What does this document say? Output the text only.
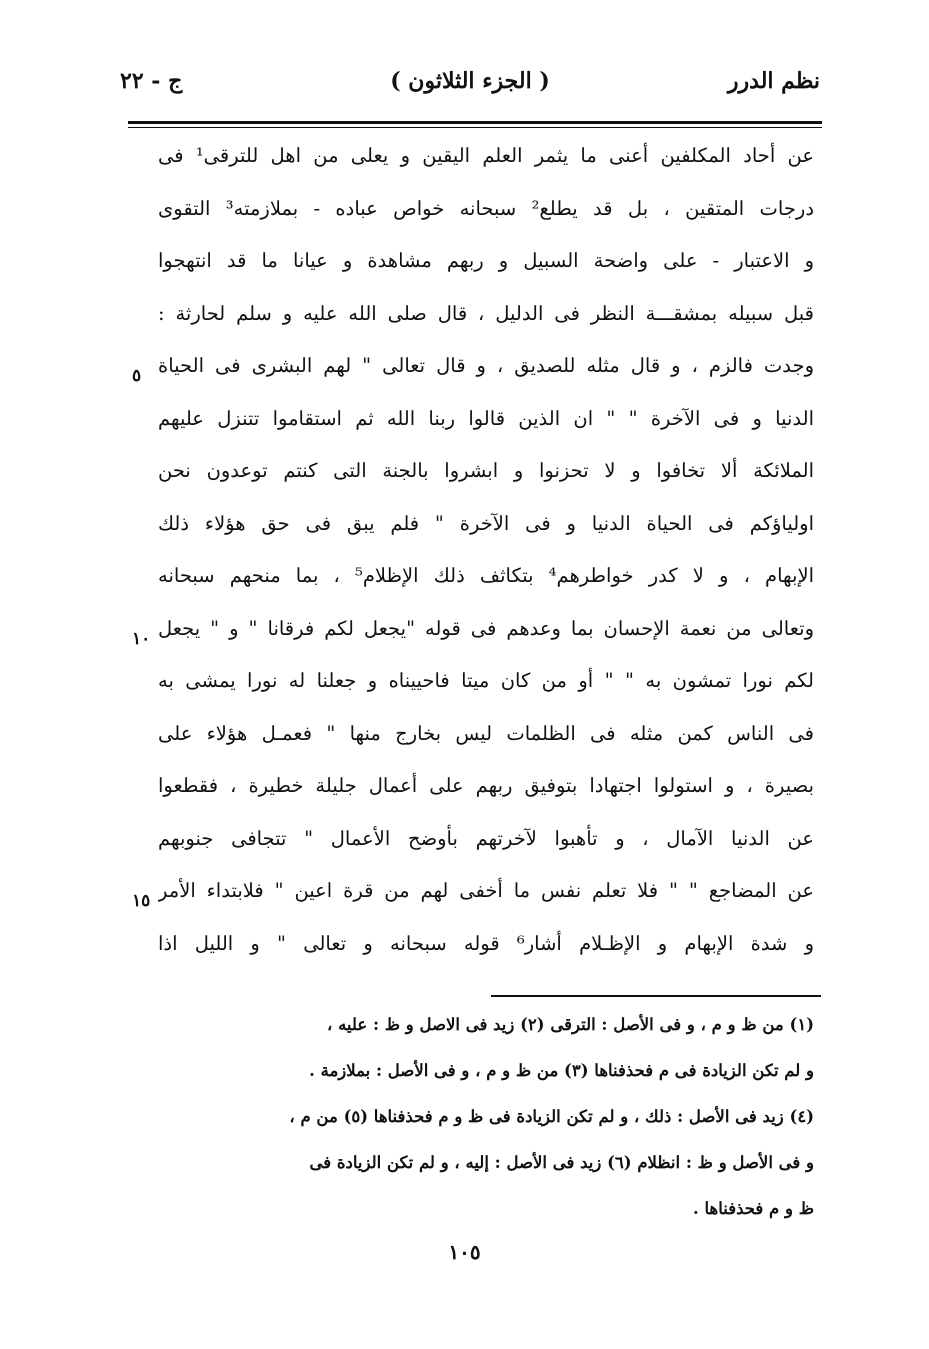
نظم الدرر
( الجزء الثلاثون )
ج - ٢٢
عن أحاد المكلفين أعنى ما يثمر العلم اليقين و يعلى من اهل للترقى¹ فى
درجات المتقين ، بل قد يطلع² سبحانه خواص عباده - بملازمته³ التقوى
و الاعتبار - على واضحة السبيل و ربهم مشاهدة و عيانا ما قد انتهجوا
قبل سبيله بمشقـــة النظر فى الدليل ، قال صلى الله عليه و سلم لحارثة :
وجدت فالزم ، و قال مثله للصديق ، و قال تعالى " لهم البشرى فى الحياة
الدنيا و فى الآخرة " " ان الذين قالوا ربنا الله ثم استقاموا تتنزل عليهم
الملائكة ألا تخافوا و لا تحزنوا و ابشروا بالجنة التى كنتم توعدون نحن
اولياؤكم فى الحياة الدنيا و فى الآخرة " فلم يبق فى حق هؤلاء ذلك
الإبهام ، و لا كدر خواطرهم⁴ بتكاثف ذلك الإظلام⁵ ، بما منحهم سبحانه
وتعالى من نعمة الإحسان بما وعدهم فى قوله "يجعل لكم فرقانا " و " يجعل
لكم نورا تمشون به " " أو من كان ميتا فاحييناه و جعلنا له نورا يمشى به
فى الناس كمن مثله فى الظلمات ليس بخارج منها " فعمـل هؤلاء على
بصيرة ، و استولوا اجتهادا بتوفيق ربهم على أعمال جليلة خطيرة ، فقطعوا
عن الدنيا الآمال ، و تأهبوا لآخرتهم بأوضح الأعمال " تتجافى جنوبهم
عن المضاجع " " فلا تعلم نفس ما أخفى لهم من قرة اعين " فلابتداء الأمر
و شدة الإبهام و الإظـلام أشار⁶ قوله سبحانه و تعالى " و الليل اذا
٥
١٠
١٥
(١) من ظ و م ، و فى الأصل : الترقى (٢) زيد فى الاصل و ظ : عليه ،
و لم تكن الزيادة فى م فحذفناها (٣) من ظ و م ، و فى الأصل : بملازمة .
(٤) زيد فى الأصل : ذلك ، و لم تكن الزيادة فى ظ و م فحذفناها (٥) من م ،
و فى الأصل و ظ : انظلام (٦) زيد فى الأصل : إليه ، و لم تكن الزيادة فى
ظ و م فحذفناها .
١٠٥
